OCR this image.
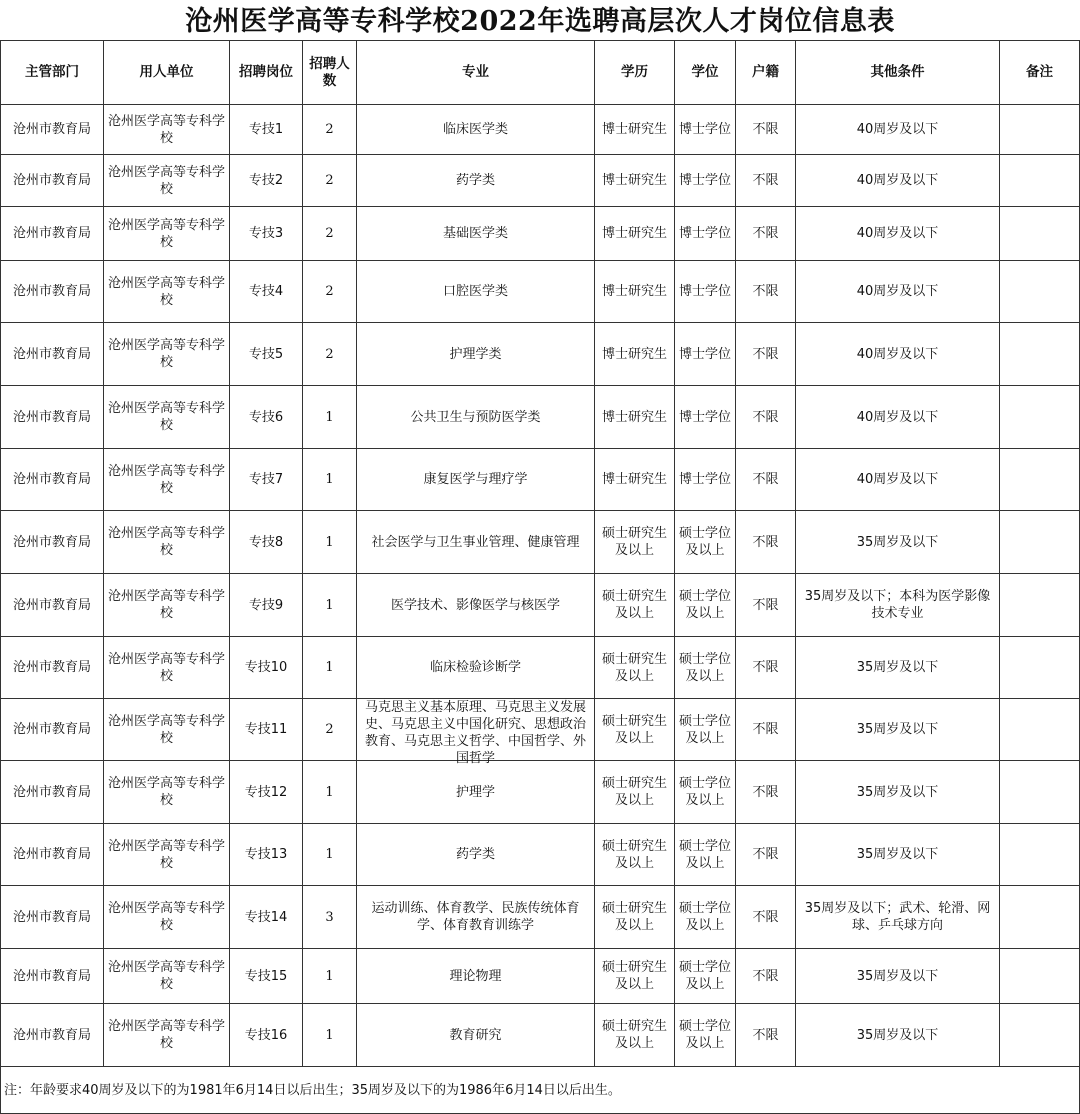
沧州医学高等专科学校2022年选聘高层次人才岗位信息表
主管部门	用人单位	招聘岗位	招聘人数	专业	学历	学位	户籍	其他条件	备注
沧州市教育局	沧州医学高等专科学校	专技1	2	临床医学类	博士研究生	博士学位	不限	40周岁及以下	
沧州市教育局	沧州医学高等专科学校	专技2	2	药学类	博士研究生	博士学位	不限	40周岁及以下	
沧州市教育局	沧州医学高等专科学校	专技3	2	基础医学类	博士研究生	博士学位	不限	40周岁及以下	
沧州市教育局	沧州医学高等专科学校	专技4	2	口腔医学类	博士研究生	博士学位	不限	40周岁及以下	
沧州市教育局	沧州医学高等专科学校	专技5	2	护理学类	博士研究生	博士学位	不限	40周岁及以下	
沧州市教育局	沧州医学高等专科学校	专技6	1	公共卫生与预防医学类	博士研究生	博士学位	不限	40周岁及以下	
沧州市教育局	沧州医学高等专科学校	专技7	1	康复医学与理疗学	博士研究生	博士学位	不限	40周岁及以下	
沧州市教育局	沧州医学高等专科学校	专技8	1	社会医学与卫生事业管理、健康管理	硕士研究生及以上	硕士学位及以上	不限	35周岁及以下	
沧州市教育局	沧州医学高等专科学校	专技9	1	医学技术、影像医学与核医学	硕士研究生及以上	硕士学位及以上	不限	35周岁及以下；本科为医学影像技术专业	
沧州市教育局	沧州医学高等专科学校	专技10	1	临床检验诊断学	硕士研究生及以上	硕士学位及以上	不限	35周岁及以下	
沧州市教育局	沧州医学高等专科学校	专技11	2	马克思主义基本原理、马克思主义发展史、马克思主义中国化研究、思想政治教育、马克思主义哲学、中国哲学、外国哲学	硕士研究生及以上	硕士学位及以上	不限	35周岁及以下	
沧州市教育局	沧州医学高等专科学校	专技12	1	护理学	硕士研究生及以上	硕士学位及以上	不限	35周岁及以下	
沧州市教育局	沧州医学高等专科学校	专技13	1	药学类	硕士研究生及以上	硕士学位及以上	不限	35周岁及以下	
沧州市教育局	沧州医学高等专科学校	专技14	3	运动训练、体育教学、民族传统体育学、体育教育训练学	硕士研究生及以上	硕士学位及以上	不限	35周岁及以下；武术、轮滑、网球、乒乓球方向	
沧州市教育局	沧州医学高等专科学校	专技15	1	理论物理	硕士研究生及以上	硕士学位及以上	不限	35周岁及以下	
沧州市教育局	沧州医学高等专科学校	专技16	1	教育研究	硕士研究生及以上	硕士学位及以上	不限	35周岁及以下	
注：年龄要求40周岁及以下的为1981年6月14日以后出生；35周岁及以下的为1986年6月14日以后出生。									
